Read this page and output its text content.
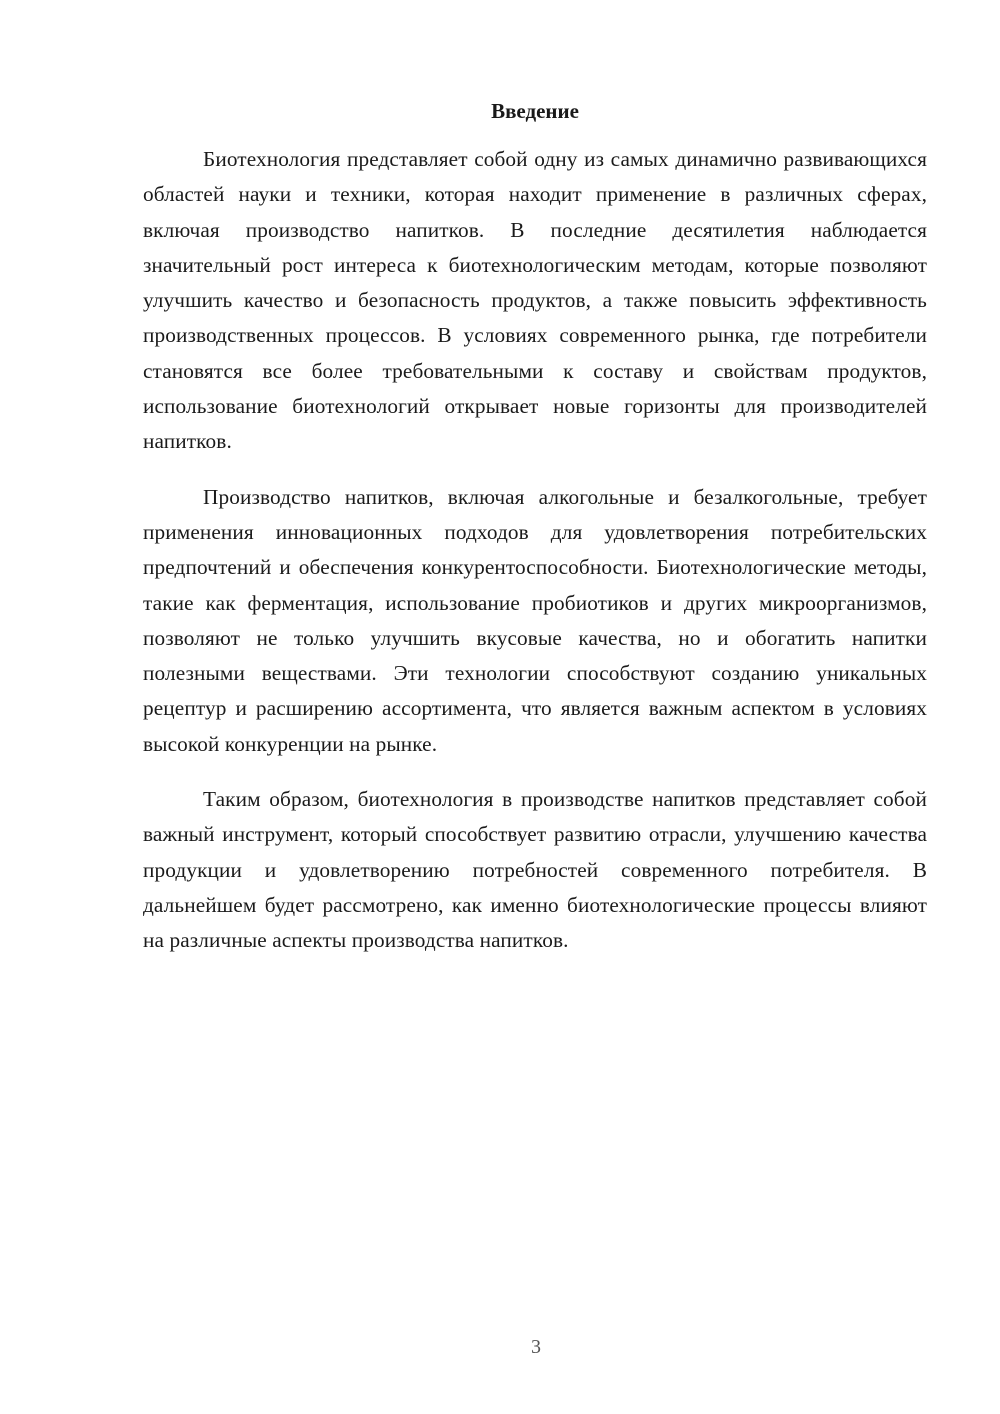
Введение

Биотехнология представляет собой одну из самых динамично развивающихся областей науки и техники, которая находит применение в различных сферах, включая производство напитков. В последние десятилетия наблюдается значительный рост интереса к биотехнологическим методам, которые позволяют улучшить качество и безопасность продуктов, а также повысить эффективность производственных процессов. В условиях современного рынка, где потребители становятся все более требовательными к составу и свойствам продуктов, использование биотехнологий открывает новые горизонты для производителей напитков.

Производство напитков, включая алкогольные и безалкогольные, требует применения инновационных подходов для удовлетворения потребительских предпочтений и обеспечения конкурентоспособности. Биотехнологические методы, такие как ферментация, использование пробиотиков и других микроорганизмов, позволяют не только улучшить вкусовые качества, но и обогатить напитки полезными веществами. Эти технологии способствуют созданию уникальных рецептур и расширению ассортимента, что является важным аспектом в условиях высокой конкуренции на рынке.

Таким образом, биотехнология в производстве напитков представляет собой важный инструмент, который способствует развитию отрасли, улучшению качества продукции и удовлетворению потребностей современного потребителя. В дальнейшем будет рассмотрено, как именно биотехнологические процессы влияют на различные аспекты производства напитков.

3
